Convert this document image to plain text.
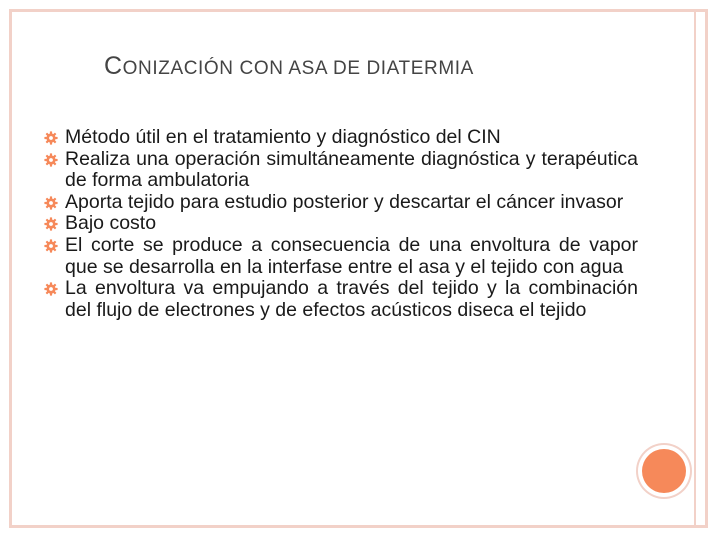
CONIZACIÓN CON ASA DE DIATERMIA
Método útil en el tratamiento y diagnóstico del CIN
Realiza una operación simultáneamente diagnóstica y terapéutica de forma ambulatoria
Aporta tejido para estudio posterior y descartar el cáncer invasor
Bajo costo
El corte se produce a consecuencia de una envoltura de vapor que se desarrolla en la interfase entre el asa y el tejido con agua
La envoltura va empujando a través del tejido y la combinación del flujo de electrones y de efectos acústicos diseca el tejido
